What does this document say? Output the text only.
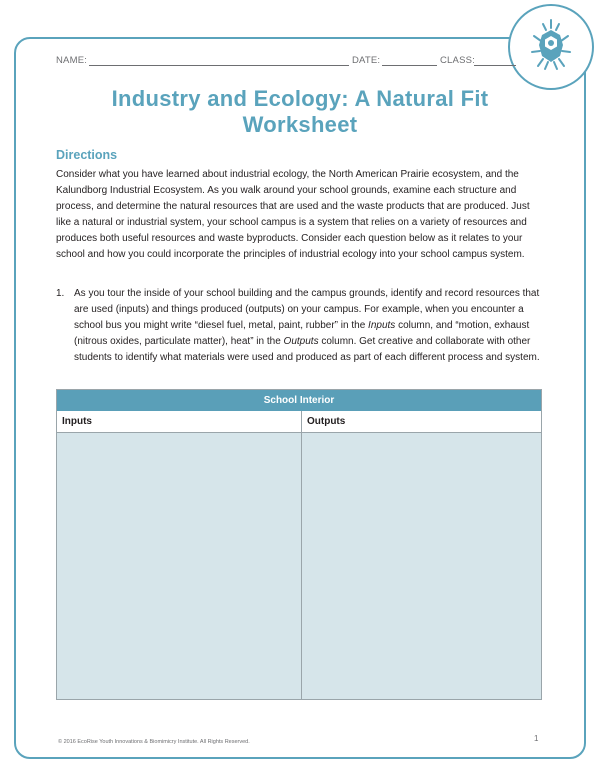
NAME:	DATE:	CLASS:
Industry and Ecology: A Natural Fit
Worksheet
Directions

Consider what you have learned about industrial ecology, the North American Prairie ecosystem, and the Kalundborg Industrial Ecosystem. As you walk around your school grounds, examine each structure and process, and determine the natural resources that are used and the waste products that are produced. Just like a natural or industrial system, your school campus is a system that relies on a variety of resources and produces both useful resources and waste byproducts. Consider each question below as it relates to your school and how you could incorporate the principles of industrial ecology into your school campus system.

1. As you tour the inside of your school building and the campus grounds, identify and record resources that are used (inputs) and things produced (outputs) on your campus. For example, when you encounter a school bus you might write “diesel fuel, metal, paint, rubber” in the Inputs column, and “motion, exhaust (nitrous oxides, particulate matter), heat” in the Outputs column. Get creative and collaborate with other students to identify what materials were used and produced as part of each different process and system.

School Interior
Inputs	Outputs
© 2016 EcoRise Youth Innovations & Biomimicry Institute. All Rights Reserved.	1
